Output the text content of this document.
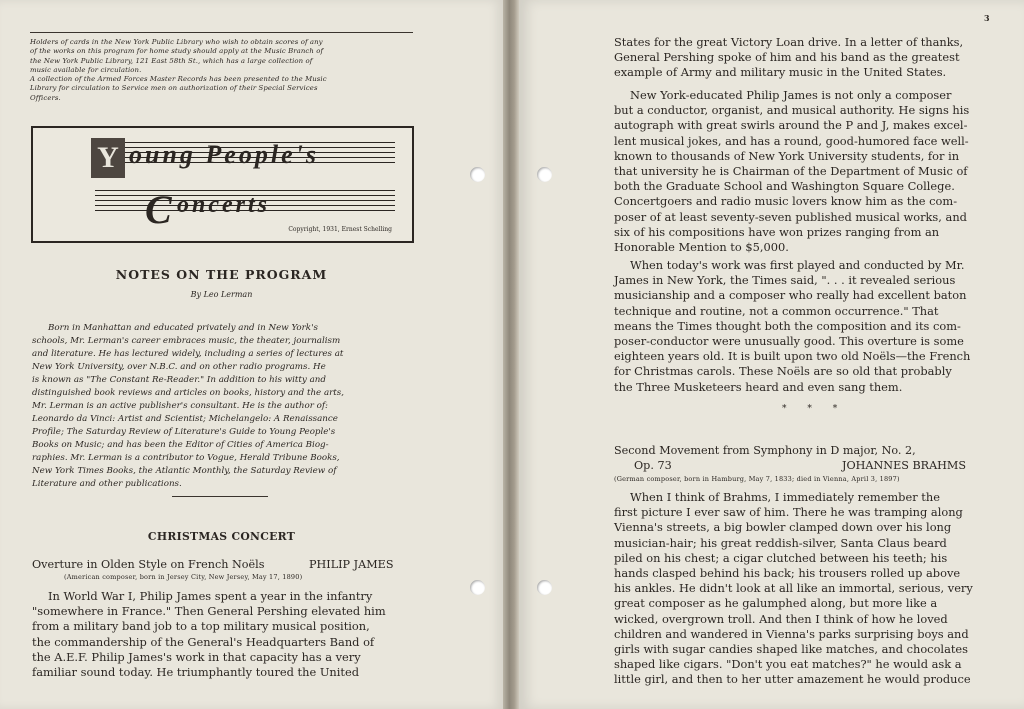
Holders of cards in the New York Public Library who wish to obtain scores of any
of the works on this program for home study should apply at the Music Branch of
the New York Public Library, 121 East 58th St., which has a large collection of
music available for circulation.
A collection of the Armed Forces Master Records has been presented to the Music
Library for circulation to Service men on authorization of their Special Services
Officers.
Y oung People's
C oncerts
Copyright, 1931, Ernest Schelling
NOTES ON THE PROGRAM
By Leo Lerman
Born in Manhattan and educated privately and in New York's
schools, Mr. Lerman's career embraces music, the theater, journalism
and literature. He has lectured widely, including a series of lectures at
New York University, over N.B.C. and on other radio programs. He
is known as "The Constant Re-Reader." In addition to his witty and
distinguished book reviews and articles on books, history and the arts,
Mr. Lerman is an active publisher's consultant. He is the author of:
Leonardo da Vinci: Artist and Scientist; Michelangelo: A Renaissance
Profile; The Saturday Review of Literature's Guide to Young People's
Books on Music; and has been the Editor of Cities of America Biog-
raphies. Mr. Lerman is a contributor to Vogue, Herald Tribune Books,
New York Times Books, the Atlantic Monthly, the Saturday Review of
Literature and other publications.
CHRISTMAS CONCERT
Overture in Olden Style on French Noëls	PHILIP JAMES
(American composer, born in Jersey City, New Jersey, May 17, 1890)
In World War I, Philip James spent a year in the infantry
"somewhere in France." Then General Pershing elevated him
from a military band job to a top military musical position,
the commandership of the General's Headquarters Band of
the A.E.F. Philip James's work in that capacity has a very
familiar sound today. He triumphantly toured the United
3
States for the great Victory Loan drive. In a letter of thanks,
General Pershing spoke of him and his band as the greatest
example of Army and military music in the United States.
New York-educated Philip James is not only a composer
but a conductor, organist, and musical authority. He signs his
autograph with great swirls around the P and J, makes excel-
lent musical jokes, and has a round, good-humored face well-
known to thousands of New York University students, for in
that university he is Chairman of the Department of Music of
both the Graduate School and Washington Square College.
Concertgoers and radio music lovers know him as the com-
poser of at least seventy-seven published musical works, and
six of his compositions have won prizes ranging from an
Honorable Mention to $5,000.
When today's work was first played and conducted by Mr.
James in New York, the Times said, ". . . it revealed serious
musicianship and a composer who really had excellent baton
technique and routine, not a common occurrence." That
means the Times thought both the composition and its com-
poser-conductor were unusually good. This overture is some
eighteen years old. It is built upon two old Noëls—the French
for Christmas carols. These Noëls are so old that probably
the Three Musketeers heard and even sang them.
* * *
Second Movement from Symphony in D major, No. 2,
Op. 73	JOHANNES BRAHMS
(German composer, born in Hamburg, May 7, 1833; died in Vienna, April 3, 1897)
When I think of Brahms, I immediately remember the
first picture I ever saw of him. There he was tramping along
Vienna's streets, a big bowler clamped down over his long
musician-hair; his great reddish-silver, Santa Claus beard
piled on his chest; a cigar clutched between his teeth; his
hands clasped behind his back; his trousers rolled up above
his ankles. He didn't look at all like an immortal, serious, very
great composer as he galumphed along, but more like a
wicked, overgrown troll. And then I think of how he loved
children and wandered in Vienna's parks surprising boys and
girls with sugar candies shaped like matches, and chocolates
shaped like cigars. "Don't you eat matches?" he would ask a
little girl, and then to her utter amazement he would produce
